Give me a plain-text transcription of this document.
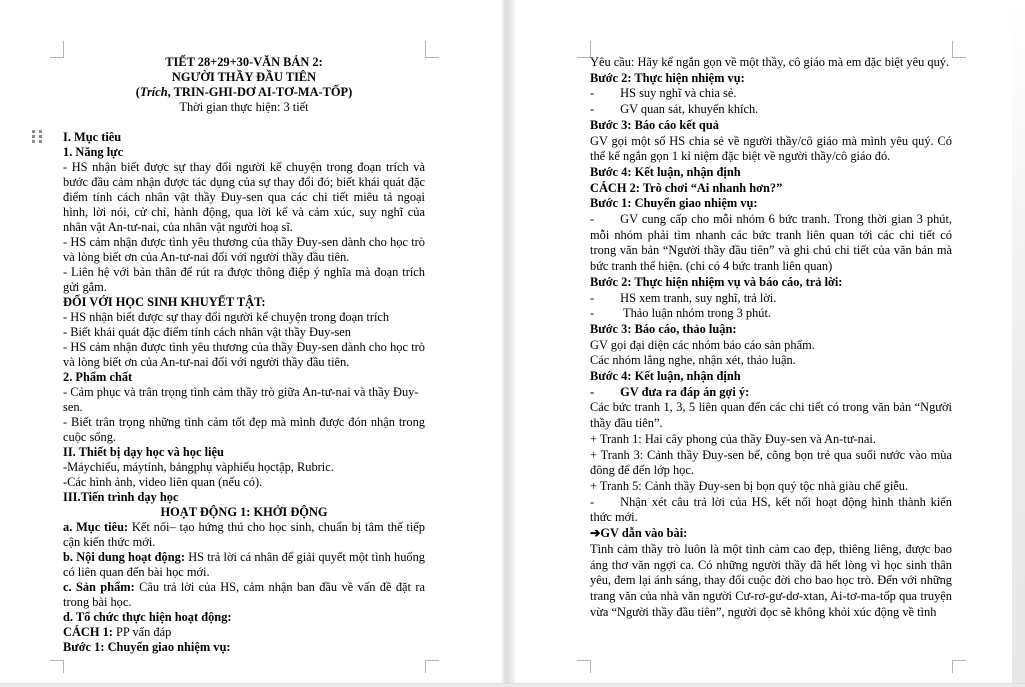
TIẾT 28+29+30-VĂN BẢN 2:

NGƯỜI THẦY ĐẦU TIÊN

(Trích, TRIN-GHI-DƠ AI-TƠ-MA-TỐP)

Thời gian thực hiện: 3 tiết

I. Mục tiêu

1. Năng lực

- HS nhận biết được sự thay đổi người kể chuyện trong đoạn trích và bước đầu cảm nhận được tác dụng của sự thay đổi đó; biết khái quát đặc điểm tính cách nhân vật thầy Đuy-sen qua các chi tiết miêu tả ngoại hình, lời nói, cử chỉ, hành động, qua lời kể và cảm xúc, suy nghĩ của nhân vật An-tư-nai, của nhân vật người hoạ sĩ.

- HS cảm nhận được tình yêu thương của thầy Đuy-sen dành cho học trò và lòng biết ơn của An-tư-nai đối với người thầy đầu tiên.

- Liên hệ với bản thân để rút ra được thông điệp ý nghĩa mà đoạn trích gửi gắm.

ĐỐI VỚI HỌC SINH KHUYẾT TẬT:

- HS nhận biết được sự thay đổi người kể chuyện trong đoạn trích

- Biết khái quát đặc điểm tính cách nhân vật thầy Đuy-sen

- HS cảm nhận được tình yêu thương của thầy Đuy-sen dành cho học trò và lòng biết ơn của An-tư-nai đối với người thầy đầu tiên.

2. Phẩm chất

- Cảm phục và trân trọng tình cảm thầy trò giữa An-tư-nai và thầy Đuy-sen.

- Biết trân trọng những tình cảm tốt đẹp mà mình được đón nhận trong cuộc sống.

II. Thiết bị dạy học và học liệu

-Máychiếu, máytính, bảngphụ vàphiếu họctập, Rubric.

-Các hình ảnh, video liên quan (nếu có).

III.Tiến trình dạy học

HOẠT ĐỘNG 1: KHỞI ĐỘNG

a. Mục tiêu: Kết nối– tạo hứng thú cho học sinh, chuẩn bị tâm thế tiếp cận kiến thức mới.

b. Nội dung hoạt động: HS trả lời cá nhân để giải quyết một tình huống có liên quan đến bài học mới.

c. Sản phẩm: Câu trả lời của HS, cảm nhận ban đầu về vấn đề đặt ra trong bài học.

d. Tổ chức thực hiện hoạt động:

CÁCH 1: PP vấn đáp

Bước 1: Chuyển giao nhiệm vụ:

Yêu cầu: Hãy kể ngắn gọn về một thầy, cô giáo mà em đặc biệt yêu quý.

Bước 2: Thực hiện nhiệm vụ:

- HS suy nghĩ và chia sẻ.

- GV quan sát, khuyến khích.

Bước 3: Báo cáo kết quả

GV gọi một số HS chia sẻ về người thầy/cô giáo mà mình yêu quý. Có thể kể ngắn gọn 1 kỉ niệm đặc biệt về người thầy/cô giáo đó.

Bước 4: Kết luận, nhận định

CÁCH 2: Trò chơi “Ai nhanh hơn?”

Bước 1: Chuyển giao nhiệm vụ:

- GV cung cấp cho mỗi nhóm 6 bức tranh. Trong thời gian 3 phút, mỗi nhóm phải tìm nhanh các bức tranh liên quan tới các chi tiết có trong văn bản “Người thầy đầu tiên” và ghi chú chi tiết của văn bản mà bức tranh thể hiện. (chỉ có 4 bức tranh liên quan)

Bước 2: Thực hiện nhiệm vụ và báo cáo, trả lời:

- HS xem tranh, suy nghĩ, trả lời.

- Thảo luận nhóm trong 3 phút.

Bước 3: Báo cáo, thảo luận:

GV gọi đại diện các nhóm báo cáo sản phẩm.

Các nhóm lắng nghe, nhận xét, thảo luận.

Bước 4: Kết luận, nhận định

- GV đưa ra đáp án gợi ý:

Các bức tranh 1, 3, 5 liên quan đến các chi tiết có trong văn bản “Người thầy đầu tiên”.

+ Tranh 1: Hai cây phong của thầy Đuy-sen và An-tư-nai.

+ Tranh 3: Cảnh thầy Đuy-sen bế, cõng bọn trẻ qua suối nước vào mùa đông để đến lớp học.

+ Tranh 5: Cảnh thầy Đuy-sen bị bọn quý tộc nhà giàu chế giễu.

- Nhận xét câu trả lời của HS, kết nối hoạt động hình thành kiến thức mới.

➔GV dẫn vào bài:

Tình cảm thầy trò luôn là một tình cảm cao đẹp, thiêng liêng, được bao áng thơ văn ngợi ca. Có những người thầy đã hết lòng vì học sinh thân yêu, đem lại ánh sáng, thay đổi cuộc đời cho bao học trò. Đến với những trang văn của nhà văn người Cư-rơ-gư-dơ-xtan, Ai-tơ-ma-tốp qua truyện vừa “Người thầy đầu tiên”, người đọc sẽ không khỏi xúc động về tình
